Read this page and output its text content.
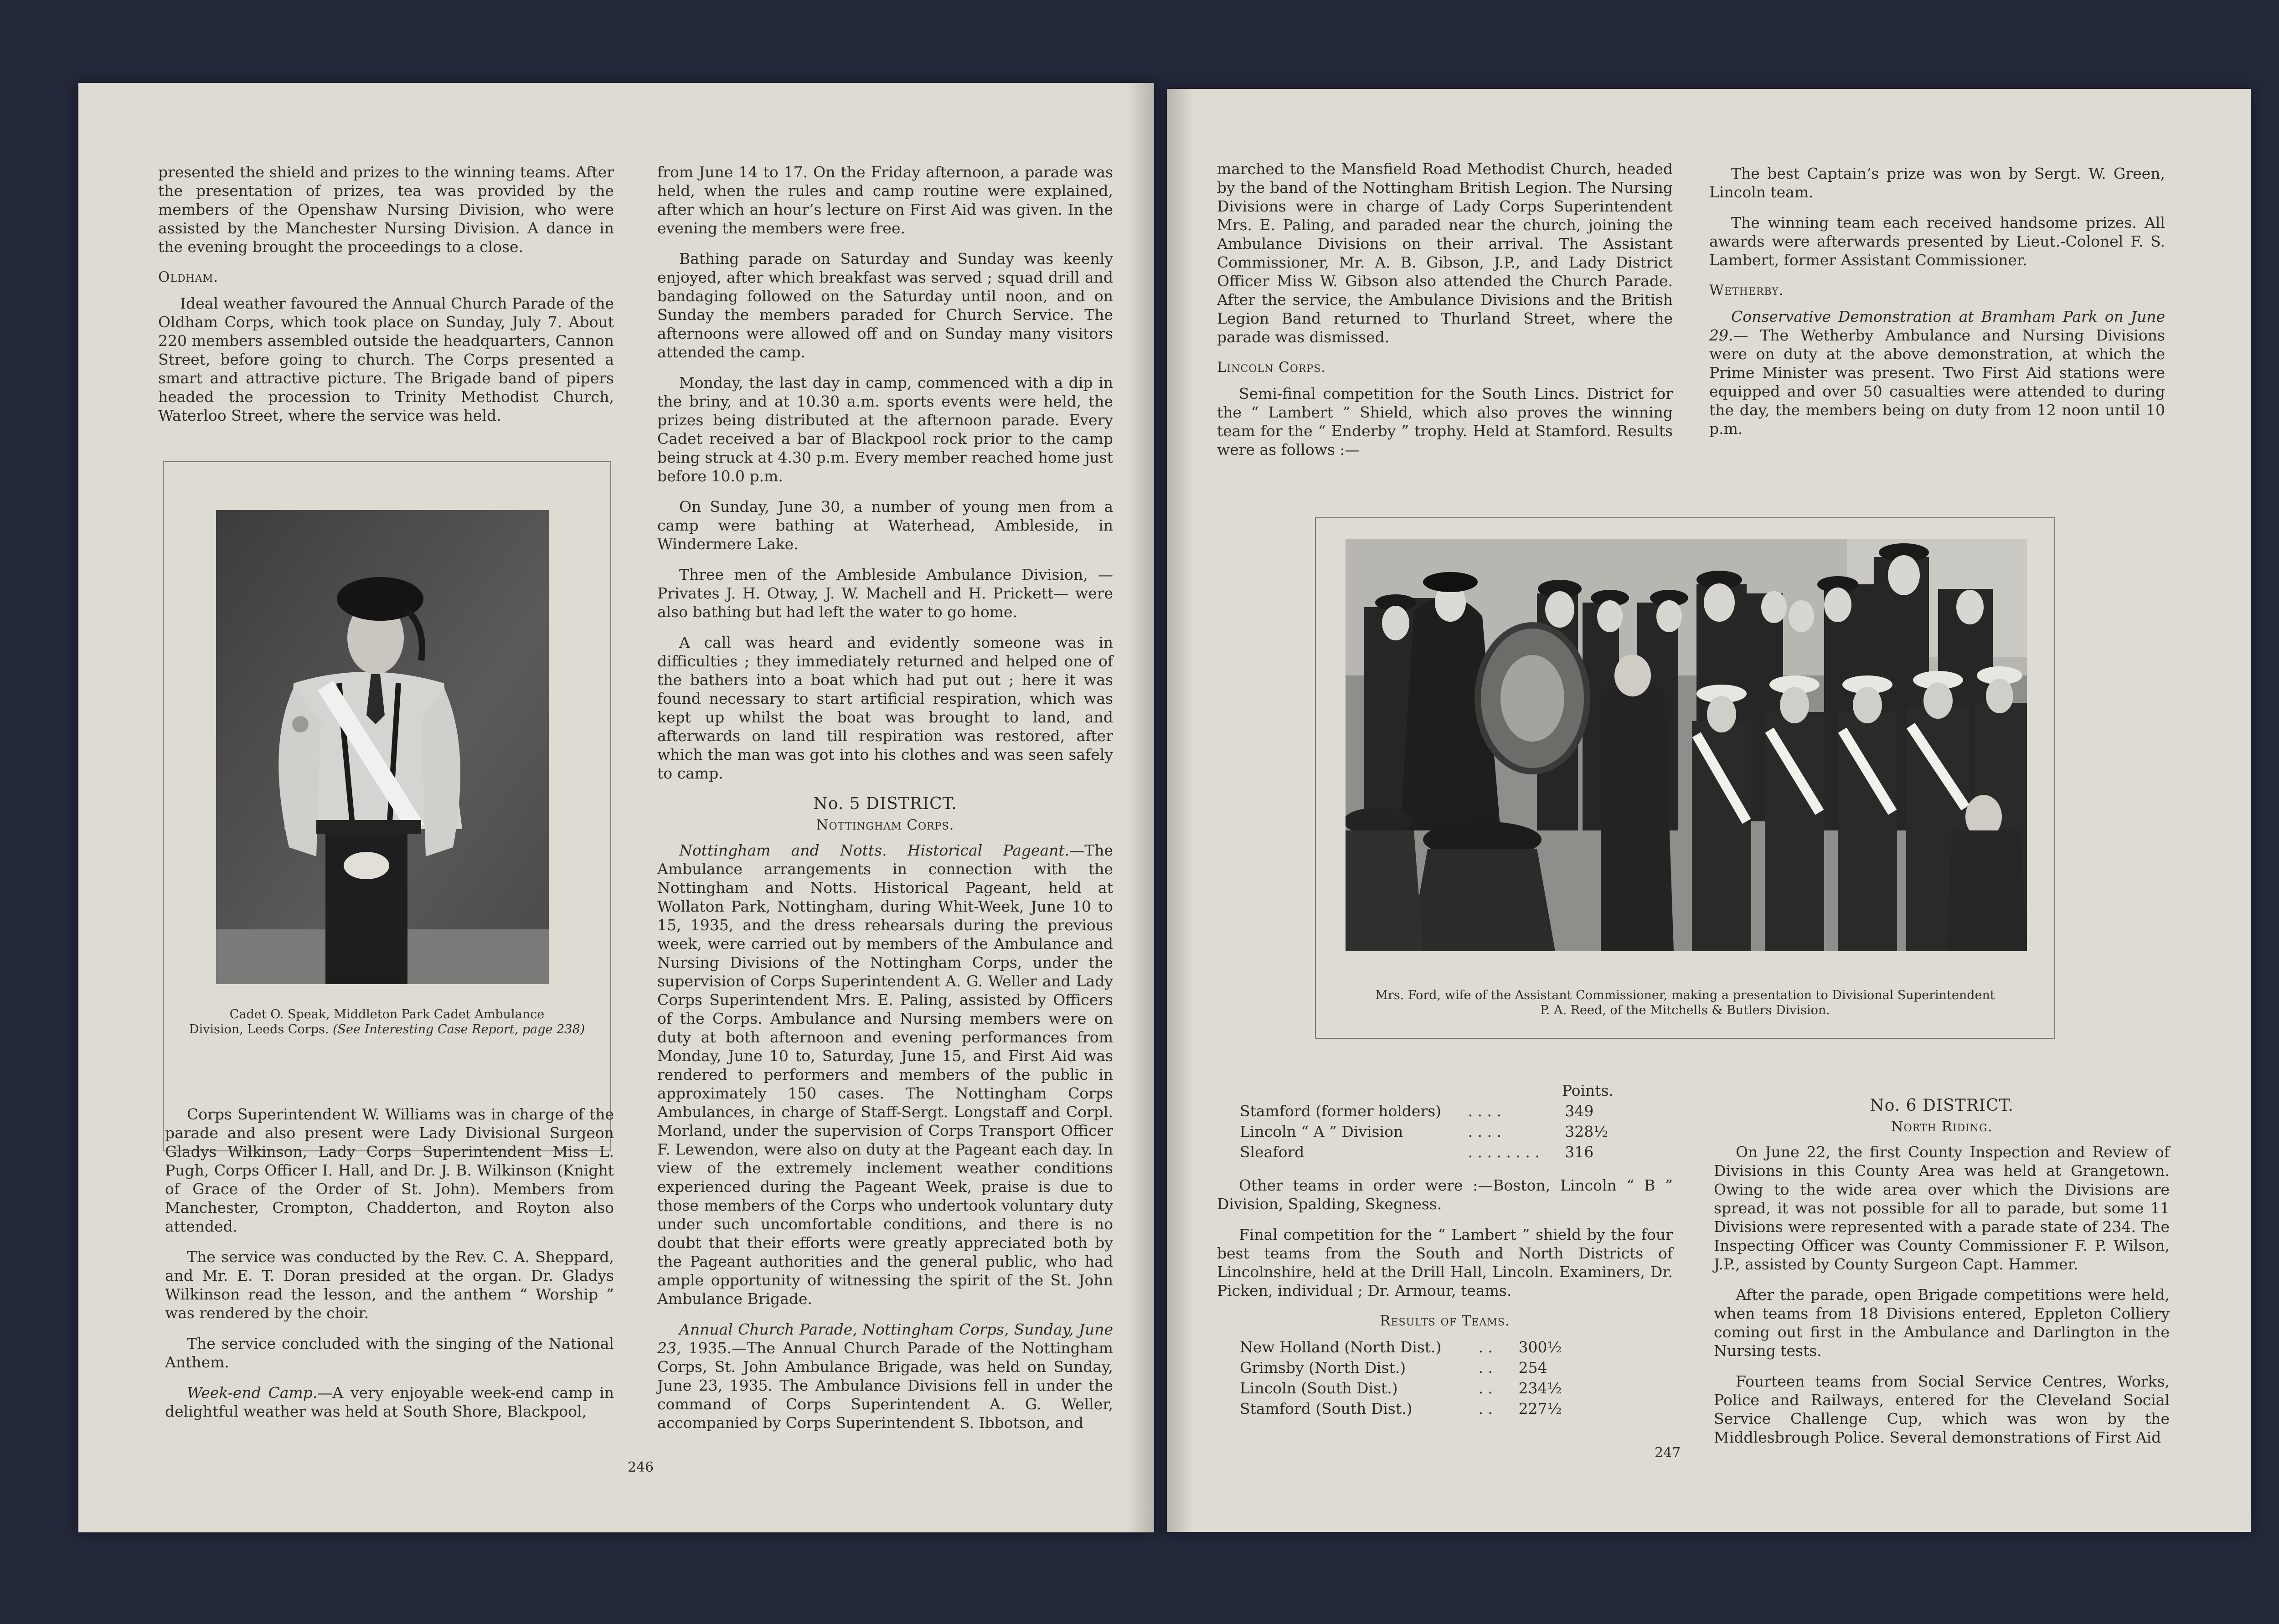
presented the shield and prizes to the winning teams. After the presentation of prizes, tea was provided by the members of the Openshaw Nursing Division, who were assisted by the Manchester Nursing Division. A dance in the evening brought the proceedings to a close.

Oldham.

Ideal weather favoured the Annual Church Parade of the Oldham Corps, which took place on Sunday, July 7. About 220 members assembled outside the headquarters, Cannon Street, before going to church. The Corps presented a smart and attractive picture. The Brigade band of pipers headed the procession to Trinity Methodist Church, Waterloo Street, where the service was held.

Cadet O. Speak, Middleton Park Cadet Ambulance
Division, Leeds Corps. (See Interesting Case Report, page 238)

Corps Superintendent W. Williams was in charge of the parade and also present were Lady Divisional Surgeon Gladys Wilkinson, Lady Corps Superintendent Miss L. Pugh, Corps Officer I. Hall, and Dr. J. B. Wilkinson (Knight of Grace of the Order of St. John). Members from Manchester, Crompton, Chadderton, and Royton also attended.

The service was conducted by the Rev. C. A. Sheppard, and Mr. E. T. Doran presided at the organ. Dr. Gladys Wilkinson read the lesson, and the anthem “ Worship ” was rendered by the choir.

The service concluded with the singing of the National Anthem.

Week-end Camp.—A very enjoyable week-end camp in delightful weather was held at South Shore, Blackpool,

from June 14 to 17. On the Friday afternoon, a parade was held, when the rules and camp routine were explained, after which an hour’s lecture on First Aid was given. In the evening the members were free.

Bathing parade on Saturday and Sunday was keenly enjoyed, after which breakfast was served ; squad drill and bandaging followed on the Saturday until noon, and on Sunday the members paraded for Church Service. The afternoons were allowed off and on Sunday many visitors attended the camp.

Monday, the last day in camp, commenced with a dip in the briny, and at 10.30 a.m. sports events were held, the prizes being distributed at the afternoon parade. Every Cadet received a bar of Blackpool rock prior to the camp being struck at 4.30 p.m. Every member reached home just before 10.0 p.m.

On Sunday, June 30, a number of young men from a camp were bathing at Waterhead, Ambleside, in Windermere Lake.

Three men of the Ambleside Ambulance Division, — Privates J. H. Otway, J. W. Machell and H. Prickett— were also bathing but had left the water to go home.

A call was heard and evidently someone was in difficulties ; they immediately returned and helped one of the bathers into a boat which had put out ; here it was found necessary to start artificial respiration, which was kept up whilst the boat was brought to land, and afterwards on land till respiration was restored, after which the man was got into his clothes and was seen safely to camp.

No. 5 DISTRICT.
Nottingham Corps.

Nottingham and Notts. Historical Pageant.—The Ambulance arrangements in connection with the Nottingham and Notts. Historical Pageant, held at Wollaton Park, Nottingham, during Whit-Week, June 10 to 15, 1935, and the dress rehearsals during the previous week, were carried out by members of the Ambulance and Nursing Divisions of the Nottingham Corps, under the supervision of Corps Superintendent A. G. Weller and Lady Corps Superintendent Mrs. E. Paling, assisted by Officers of the Corps. Ambulance and Nursing members were on duty at both afternoon and evening performances from Monday, June 10 to, Saturday, June 15, and First Aid was rendered to performers and members of the public in approximately 150 cases. The Nottingham Corps Ambulances, in charge of Staff-Sergt. Longstaff and Corpl. Morland, under the supervision of Corps Transport Officer F. Lewendon, were also on duty at the Pageant each day. In view of the extremely inclement weather conditions experienced during the Pageant Week, praise is due to those members of the Corps who undertook voluntary duty under such uncomfortable conditions, and there is no doubt that their efforts were greatly appreciated both by the Pageant authorities and the general public, who had ample opportunity of witnessing the spirit of the St. John Ambulance Brigade.

Annual Church Parade, Nottingham Corps, Sunday, June 23, 1935.—The Annual Church Parade of the Nottingham Corps, St. John Ambulance Brigade, was held on Sunday, June 23, 1935. The Ambulance Divisions fell in under the command of Corps Superintendent A. G. Weller, accompanied by Corps Superintendent S. Ibbotson, and

246

marched to the Mansfield Road Methodist Church, headed by the band of the Nottingham British Legion. The Nursing Divisions were in charge of Lady Corps Superintendent Mrs. E. Paling, and paraded near the church, joining the Ambulance Divisions on their arrival. The Assistant Commissioner, Mr. A. B. Gibson, J.P., and Lady District Officer Miss W. Gibson also attended the Church Parade. After the service, the Ambulance Divisions and the British Legion Band returned to Thurland Street, where the parade was dismissed.

Lincoln Corps.

Semi-final competition for the South Lincs. District for the “ Lambert ” Shield, which also proves the winning team for the “ Enderby ” trophy. Held at Stamford. Results were as follows :—

The best Captain’s prize was won by Sergt. W. Green, Lincoln team.

The winning team each received handsome prizes. All awards were afterwards presented by Lieut.-Colonel F. S. Lambert, former Assistant Commissioner.

Wetherby.

Conservative Demonstration at Bramham Park on June 29.— The Wetherby Ambulance and Nursing Divisions were on duty at the above demonstration, at which the Prime Minister was present. Two First Aid stations were equipped and over 50 casualties were attended to during the day, the members being on duty from 12 noon until 10 p.m.

Mrs. Ford, wife of the Assistant Commissioner, making a presentation to Divisional Superintendent
P. A. Reed, of the Mitchells & Butlers Division.
		Points.
Stamford (former holders)	. . . .	349
Lincoln “ A ” Division	. . . .	328½
Sleaford	. . . . . . . .	316

Other teams in order were :—Boston, Lincoln “ B ” Division, Spalding, Skegness.

Final competition for the “ Lambert ” shield by the four best teams from the South and North Districts of Lincolnshire, held at the Drill Hall, Lincoln. Examiners, Dr. Picken, individual ; Dr. Armour, teams.

Results of Teams.
New Holland (North Dist.)	. .	300½
Grimsby (North Dist.)	. .	254
Lincoln (South Dist.)	. .	234½
Stamford (South Dist.)	. .	227½
No. 6 DISTRICT.
North Riding.

On June 22, the first County Inspection and Review of Divisions in this County Area was held at Grangetown. Owing to the wide area over which the Divisions are spread, it was not possible for all to parade, but some 11 Divisions were represented with a parade state of 234. The Inspecting Officer was County Commissioner F. P. Wilson, J.P., assisted by County Surgeon Capt. Hammer.

After the parade, open Brigade competitions were held, when teams from 18 Divisions entered, Eppleton Colliery coming out first in the Ambulance and Darlington in the Nursing tests.

Fourteen teams from Social Service Centres, Works, Police and Railways, entered for the Cleveland Social Service Challenge Cup, which was won by the Middlesbrough Police. Several demonstrations of First Aid

247
